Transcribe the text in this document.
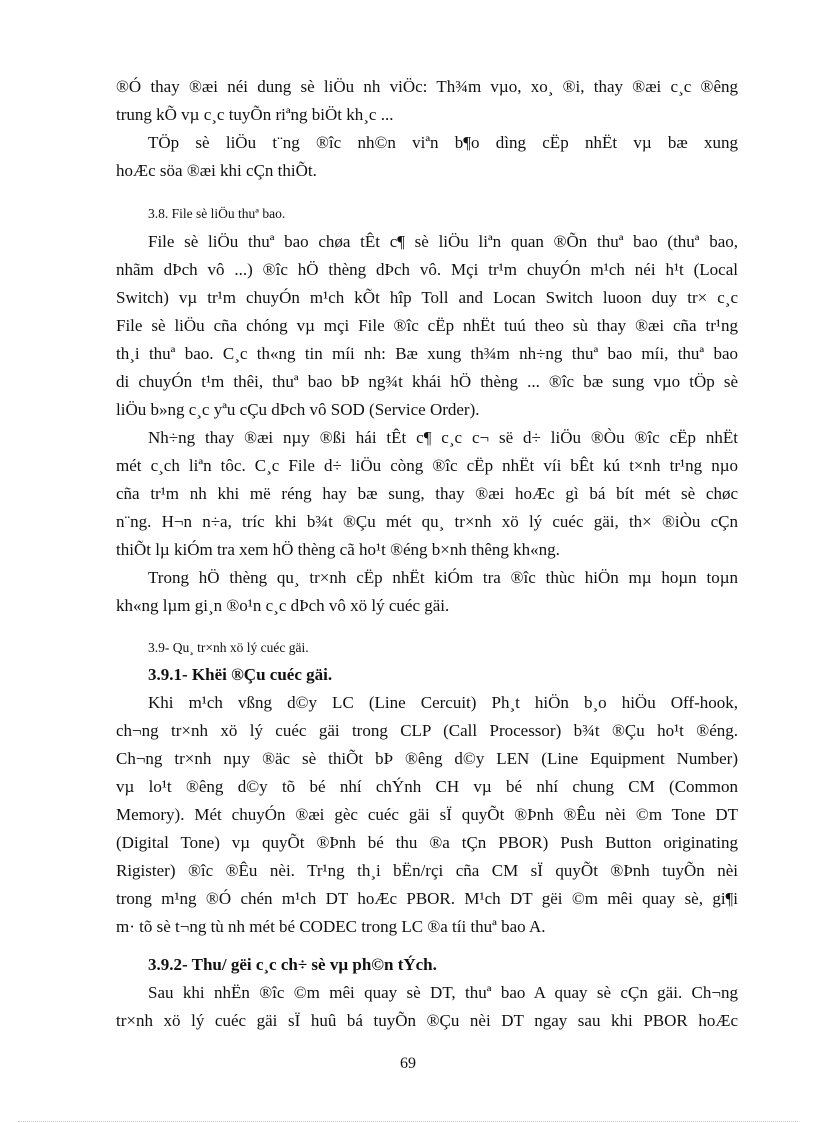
®Ó thay ®æi néi dung sè liÖu nh viÖc: Th¾m vµo, xo¸ ®i, thay ®æi c¸c ®êng
trung kÕ vµ c¸c tuyÕn riªng biÖt kh¸c ...
TÖp sè liÖu t¨ng ®îc nh©n viªn b¶o dìng cËp nhËt vµ bæ xung
hoÆc söa ®æi khi cÇn thiÕt.
3.8. File sè liÖu thuª bao.
File sè liÖu thuª bao chøa tÊt c¶ sè liÖu liªn quan ®Õn thuª bao (thuª bao,
nhãm dÞch vô ...) ®îc hÖ thèng dÞch vô. Mçi tr¹m chuyÓn m¹ch néi h¹t (Local
Switch) vµ tr¹m chuyÓn m¹ch kÕt hîp Toll and Locan Switch luoon duy tr× c¸c
File sè liÖu cña chóng vµ mçi File ®îc cËp nhËt tuú theo sù thay ®æi cña tr¹ng
th¸i thuª bao. C¸c th«ng tin míi nh: Bæ xung th¾m nh÷ng thuª bao míi, thuª bao
di chuyÓn t¹m thêi, thuª bao bÞ ng¾t khái hÖ thèng ... ®îc bæ sung vµo tÖp sè
liÖu b»ng c¸c yªu cÇu dÞch vô SOD (Service Order).
Nh÷ng thay ®æi nµy ®ßi hái tÊt c¶ c¸c c¬ së d÷ liÖu ®Òu ®îc cËp nhËt
mét c¸ch liªn tôc. C¸c File d÷ liÖu còng ®îc cËp nhËt víi bÊt kú t×nh tr¹ng nµo
cña tr¹m nh khi më réng hay bæ sung, thay ®æi hoÆc gì bá bít mét sè chøc
n¨ng. H¬n n÷a, tríc khi b¾t ®Çu mét qu¸ tr×nh xö lý cuéc gäi, th× ®iÒu cÇn
thiÕt lµ kiÓm tra xem hÖ thèng cã ho¹t ®éng b×nh thêng kh«ng.
Trong hÖ thèng qu¸ tr×nh cËp nhËt kiÓm tra ®îc thùc hiÖn mµ hoµn toµn
kh«ng lµm gi¸n ®o¹n c¸c dÞch vô xö lý cuéc gäi.
3.9- Qu¸ tr×nh xö lý cuéc gäi.
3.9.1- Khëi ®Çu cuéc gäi.
Khi m¹ch vßng d©y LC (Line Cercuit) Ph¸t hiÖn b¸o hiÖu Off-hook,
ch¬ng tr×nh xö lý cuéc gäi trong CLP (Call Processor) b¾t ®Çu ho¹t ®éng.
Ch¬ng tr×nh nµy ®äc sè thiÕt bÞ ®êng d©y LEN (Line Equipment Number)
vµ lo¹t ®êng d©y tõ bé nhí chÝnh CH vµ bé nhí chung CM (Common
Memory). Mét chuyÓn ®æi gèc cuéc gäi sÏ quyÕt ®Þnh ®Êu nèi ©m Tone DT
(Digital Tone) vµ quyÕt ®Þnh bé thu ®a tÇn PBOR) Push Button originating
Rigister) ®îc ®Êu nèi. Tr¹ng th¸i bËn/rçi cña CM sÏ quyÕt ®Þnh tuyÕn nèi
trong m¹ng ®Ó chén m¹ch DT hoÆc PBOR. M¹ch DT gëi ©m mêi quay sè, gi¶i
m· tõ sè t¬ng tù nh mét bé CODEC trong LC ®a tíi thuª bao A.
3.9.2- Thu/ gëi c¸c ch÷ sè vµ ph©n tÝch.
Sau khi nhËn ®îc ©m mêi quay sè DT, thuª bao A quay sè cÇn gäi. Ch¬ng
tr×nh xö lý cuéc gäi sÏ huû bá tuyÕn ®Çu nèi DT ngay sau khi PBOR hoÆc
69
